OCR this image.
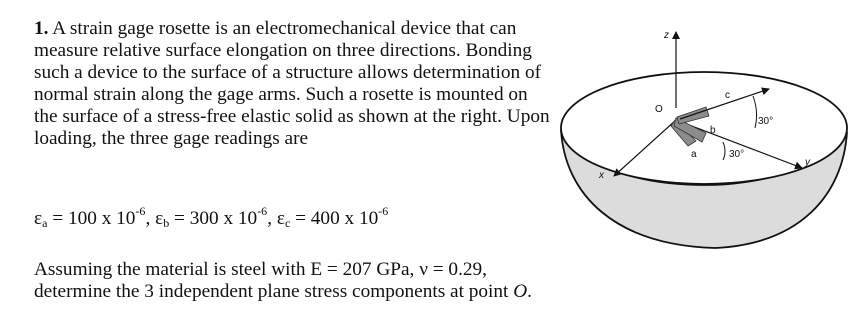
1. A strain gage rosette is an electromechanical device that can measure relative surface elongation on three directions. Bonding such a device to the surface of a structure allows determination of normal strain along the gage arms. Such a rosette is mounted on the surface of a stress-free elastic solid as shown at the right. Upon loading, the three gage readings are

$\varepsilon_a = 100$ x $10^{-6}$, $\varepsilon_b = 300$ x $10^{-6}$, $\varepsilon_c = 400$ x $10^{-6}$
Assuming the material is steel with E = 207 GPa, ν = 0.29,
determine the 3 independent plane stress components at point O.
z
x
y
O
a
b
c
30°
30°
